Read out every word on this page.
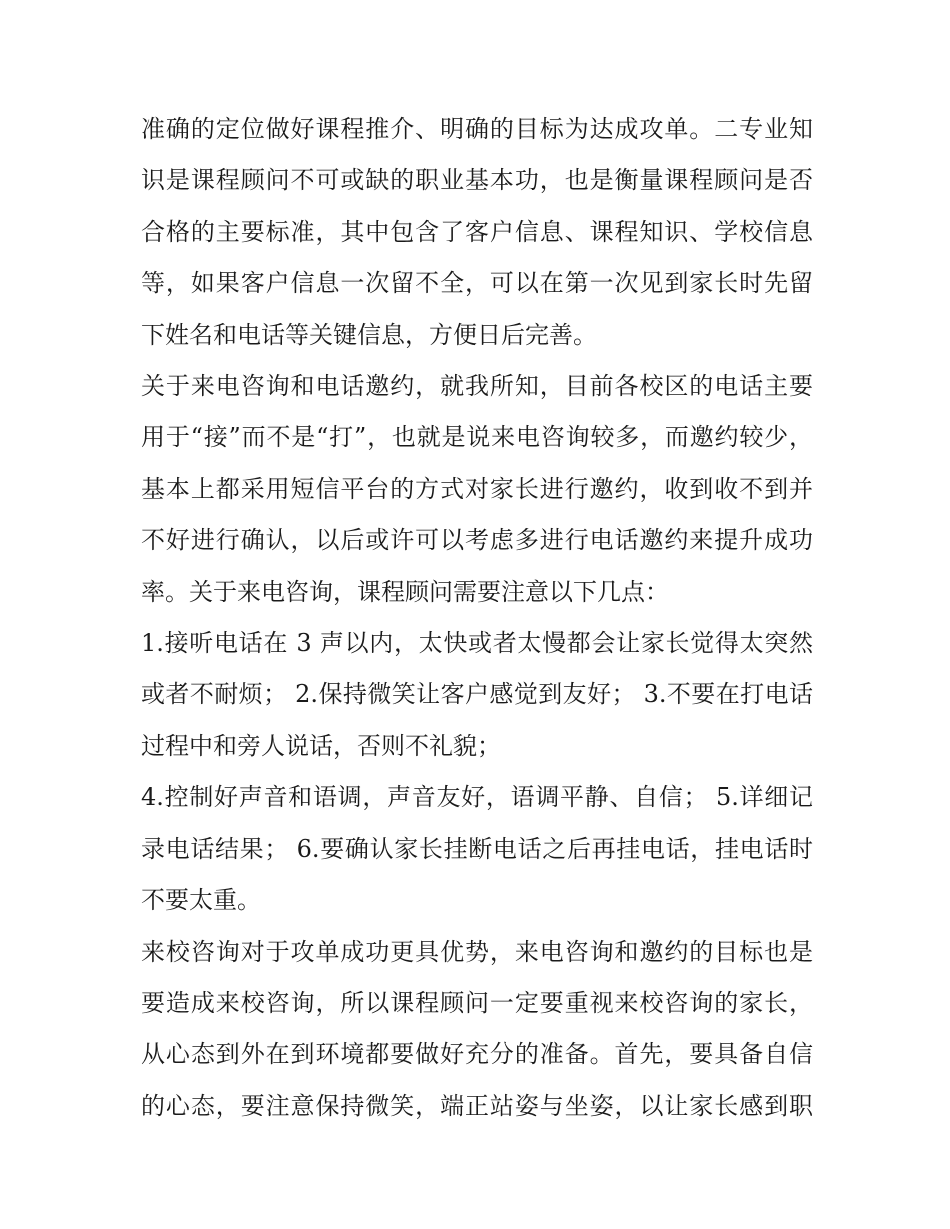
准确的定位做好课程推介、明确的目标为达成攻单。二专业知
识是课程顾问不可或缺的职业基本功，也是衡量课程顾问是否
合格的主要标准，其中包含了客户信息、课程知识、学校信息
等，如果客户信息一次留不全，可以在第一次见到家长时先留
下姓名和电话等关键信息，方便日后完善。

关于来电咨询和电话邀约，就我所知，目前各校区的电话主要
用于“接”而不是“打”，也就是说来电咨询较多，而邀约较少，
基本上都采用短信平台的方式对家长进行邀约，收到收不到并
不好进行确认，以后或许可以考虑多进行电话邀约来提升成功
率。关于来电咨询，课程顾问需要注意以下几点：

1.接听电话在 3 声以内，太快或者太慢都会让家长觉得太突然
或者不耐烦； 2.保持微笑让客户感觉到友好； 3.不要在打电话
过程中和旁人说话，否则不礼貌；

4.控制好声音和语调，声音友好，语调平静、自信； 5.详细记
录电话结果； 6.要确认家长挂断电话之后再挂电话，挂电话时
不要太重。

来校咨询对于攻单成功更具优势，来电咨询和邀约的目标也是
要造成来校咨询，所以课程顾问一定要重视来校咨询的家长，
从心态到外在到环境都要做好充分的准备。首先，要具备自信
的心态，要注意保持微笑，端正站姿与坐姿，以让家长感到职
